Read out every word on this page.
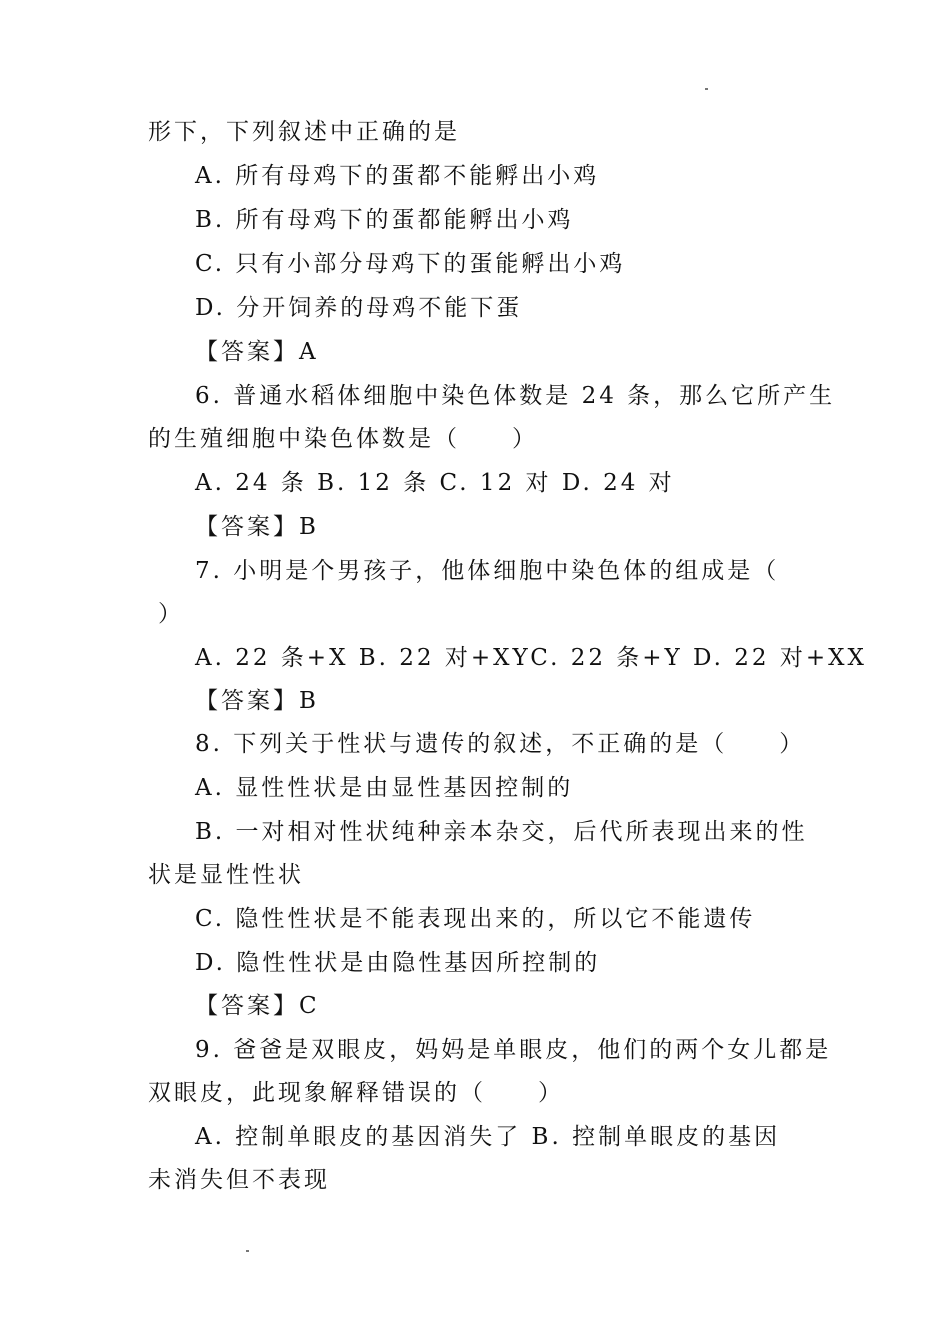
形下，下列叙述中正确的是
A. 所有母鸡下的蛋都不能孵出小鸡
B. 所有母鸡下的蛋都能孵出小鸡
C. 只有小部分母鸡下的蛋能孵出小鸡
D. 分开饲养的母鸡不能下蛋
【答案】A
6. 普通水稻体细胞中染色体数是 24 条，那么它所产生
的生殖细胞中染色体数是（　　）
A. 24 条 B. 12 条 C. 12 对 D. 24 对
【答案】B
7. 小明是个男孩子，他体细胞中染色体的组成是（
）
A. 22 条+X B. 22 对+XYC. 22 条+Y D. 22 对+XX
【答案】B
8. 下列关于性状与遗传的叙述，不正确的是（　　）
A. 显性性状是由显性基因控制的
B. 一对相对性状纯种亲本杂交，后代所表现出来的性
状是显性性状
C. 隐性性状是不能表现出来的，所以它不能遗传
D. 隐性性状是由隐性基因所控制的
【答案】C
9. 爸爸是双眼皮，妈妈是单眼皮，他们的两个女儿都是
双眼皮，此现象解释错误的（　　）
A. 控制单眼皮的基因消失了 B. 控制单眼皮的基因
未消失但不表现
